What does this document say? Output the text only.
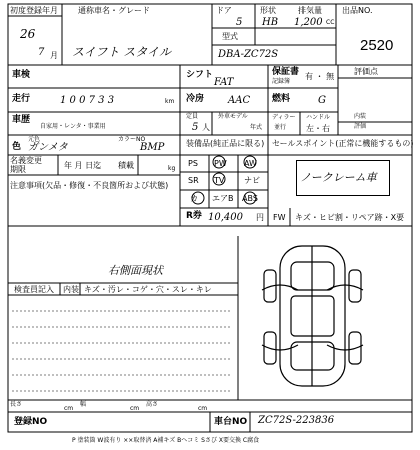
初度登録年月
26
7 月
通称車名・グレード
スイフト スタイル
ドア
5
形状
HB
排気量
1,200 CC
出品NO.
2520
型式
DBA-ZC72S
車検	シフト
FAT
保証書
記録簿
有 ・ 無
評価点
走行	1 0 0 7 3 3	km 冷房 AAC 燃料	G
車歴
自家用・レンタ・事業用
定員
5 人
外車モデル
年式
ディラー
並行
ハンドル
左・右
内装
評価
元色
色 ガンメタ
カラーNO
BMP	装備品(純正品に限る) セールスポイント(正常に機能するもの)
PS PW AW
SR TV ナビ
カ エアB ABS
ノークレーム車
名義変更
期限	年 月 日迄 積載	kg
注意事項(欠品・修復・不良箇所および状態)
R券 10,400 円 FW キズ・ヒビ割・リペア跡・X要
右側面現状
検査員記入 内装 キズ・汚レ・コゲ・穴・スレ・キレ
長さ
cm
幅
cm
高さ
cm
登録NO	車台NO ZC72S-223836
P 塗装箇 W波有り ××取替済 A補キズ Bヘコミ Sさび X要交換 C腐食
